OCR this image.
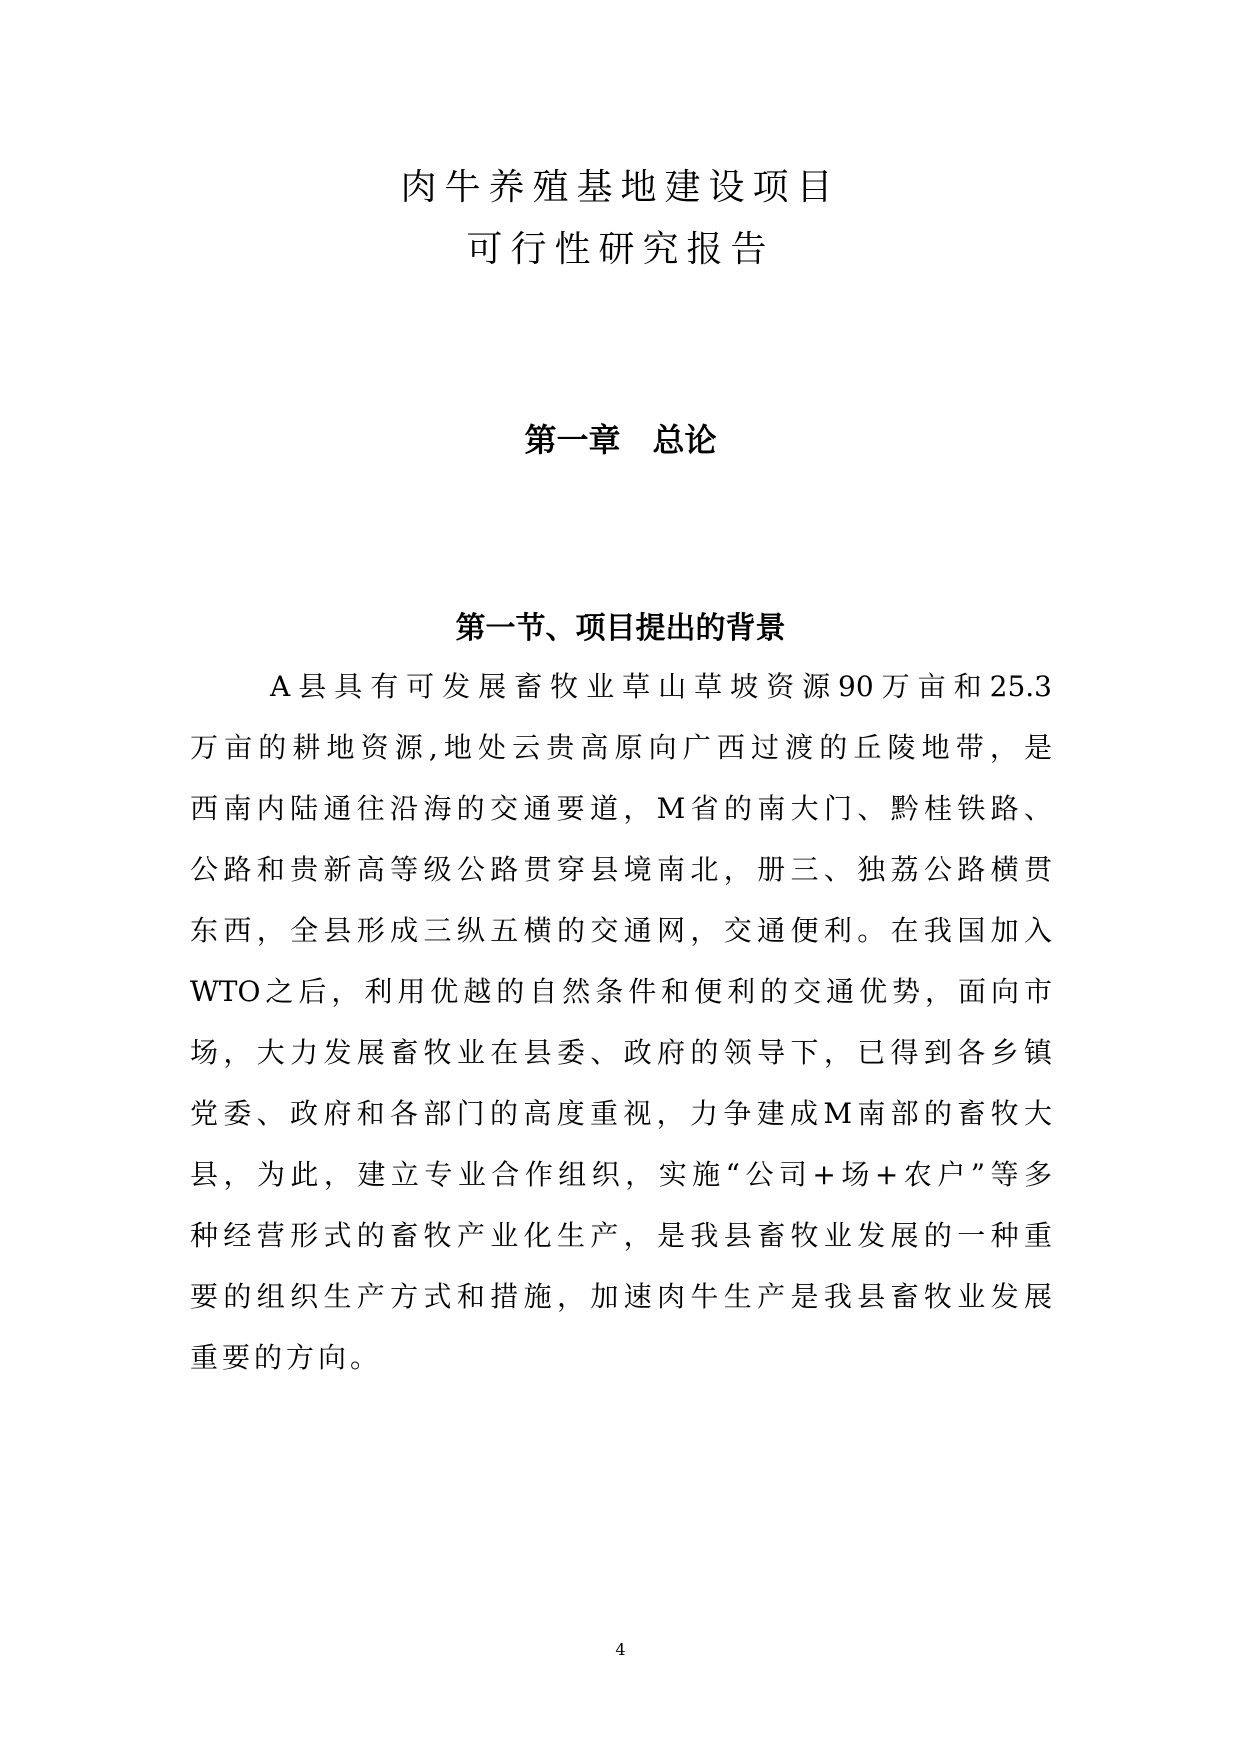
肉牛养殖基地建设项目
可行性研究报告
第一章　总论
第一节、项目提出的背景
A县具有可发展畜牧业草山草坡资源90万亩和25.3
万亩的耕地资源,地处云贵高原向广西过渡的丘陵地带，是
西南内陆通往沿海的交通要道，M省的南大门、黔桂铁路、
公路和贵新高等级公路贯穿县境南北，册三、独荔公路横贯
东西，全县形成三纵五横的交通网，交通便利。在我国加入
WTO之后，利用优越的自然条件和便利的交通优势，面向市
场，大力发展畜牧业在县委、政府的领导下，已得到各乡镇
党委、政府和各部门的高度重视，力争建成M南部的畜牧大
县，为此，建立专业合作组织，实施“公司+场+农户”等多
种经营形式的畜牧产业化生产，是我县畜牧业发展的一种重
要的组织生产方式和措施，加速肉牛生产是我县畜牧业发展
重要的方向。
4
